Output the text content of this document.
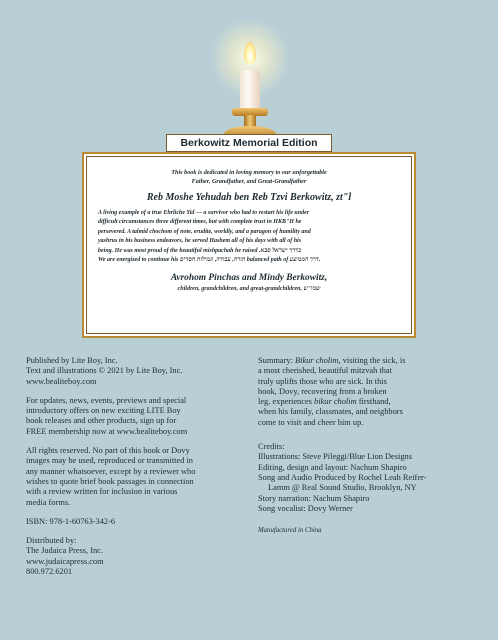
Berkowitz Memorial Edition
This book is dedicated in loving memory to our unforgettable
Father, Grandfather, and Great-Grandfather
Reb Moshe Yehudah ben Reb Tzvi Berkowitz, zt"l
A living example of a true Ehrliche Yid — a survivor who had to restart his life under
difficult circumstances three different times, but with complete trust in HKB"H he
persevered. A talmid chochom of note, erudite, worldly, and a paragon of humility and
yashrus in his business endeavors, he served Hashem all of his days with all of his
being. He was most proud of the beautiful mishpachah he raised .בדרך ישראל סבא
We are energized to continue his תורה, עבודה, וגמילות חסדים balanced path of דרך הממוצע.
Avrohom Pinchas and Mindy Berkowitz,
children, grandchildren, and great-grandchildren, שמו"ש
Published by Lite Boy, Inc.
Text and illustrations © 2021 by Lite Boy, Inc.
www.bealiteboy.com
For updates, news, events, previews and special
introductory offers on new exciting LITE Boy
book releases and other products, sign up for
FREE membership now at www.bealiteboy.com
All rights reserved. No part of this book or Dovy
images may be used, reproduced or transmitted in
any manner whatsoever, except by a reviewer who
wishes to quote brief book passages in connection
with a review written for inclusion in various
media forms.
ISBN: 978-1-60763-342-6
Distributed by:
The Judaica Press, Inc.
www.judaicapress.com
800.972.6201
Summary: Bikur cholim, visiting the sick, is
a most cherished, beautiful mitzvah that
truly uplifts those who are sick. In this
book, Dovy, recovering from a broken
leg, experiences bikur cholim firsthand,
when his family, classmates, and neighbors
come to visit and cheer him up.
Credits:
Illustrations: Steve Pileggi/Blue Lion Designs
Editing, design and layout: Nachum Shapiro
Song and Audio Produced by Rochel Leah Reifer-
Lamm @ Real Sound Studio, Brooklyn, NY
Story narration: Nachum Shapiro
Song vocalist: Dovy Werner
Manufactured in China
